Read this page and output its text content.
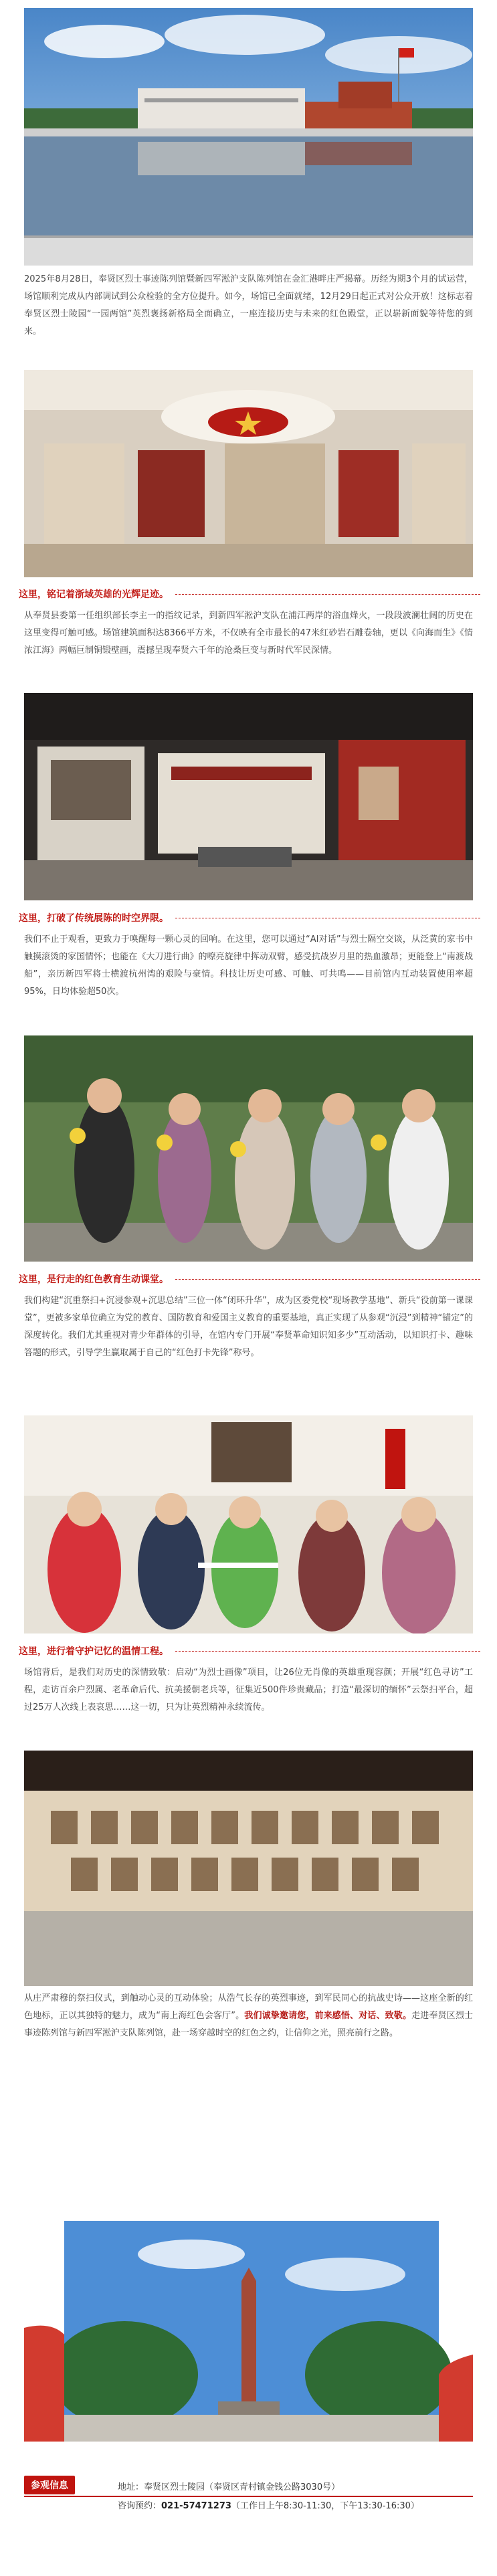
2025年8月28日，奉贤区烈士事迹陈列馆暨新四军淞沪支队陈列馆在金汇港畔庄严揭幕。历经为期3个月的试运营，场馆顺利完成从内部调试到公众检验的全方位提升。如今，场馆已全面就绪，12月29日起正式对公众开放！这标志着奉贤区烈士陵园“一园两馆”英烈褒扬新格局全面确立，一座连接历史与未来的红色殿堂，正以崭新面貌等待您的到来。

这里，铭记着浙域英雄的光辉足迹。

从奉贤县委第一任组织部长李主一的指纹记录，到新四军淞沪支队在浦江两岸的浴血烽火，一段段波澜壮阔的历史在这里变得可触可感。场馆建筑面积达8366平方米，不仅映有全市最长的47米红砂岩石雕卷轴，更以《向海而生》《情浓江海》两幅巨制铜锻壁画，震撼呈现奉贤六千年的沧桑巨变与新时代军民深情。

这里，打破了传统展陈的时空界限。

我们不止于观看，更致力于唤醒每一颗心灵的回响。在这里，您可以通过“AI对话”与烈士隔空交谈，从泛黄的家书中触摸滚烫的家国情怀；也能在《大刀进行曲》的嘹亮旋律中挥动双臂，感受抗战岁月里的热血激昂；更能登上“南渡战船”，亲历新四军将士横渡杭州湾的艰险与豪情。科技让历史可感、可触、可共鸣——目前馆内互动装置使用率超95%，日均体验超50次。

这里，是行走的红色教育生动课堂。

我们构建“沉重祭扫+沉浸参观+沉思总结”三位一体“闭环升华”，成为区委党校“现场教学基地”、新兵“役前第一课课堂”，更被多家单位确立为党的教育、国防教育和爱国主义教育的重要基地，真正实现了从参观“沉浸”到精神“锚定”的深度转化。我们尤其重视对青少年群体的引导，在馆内专门开展“奉贤革命知识知多少”互动活动，以知识打卡、趣味答题的形式，引导学生赢取属于自己的“红色打卡先锋”称号。

这里，进行着守护记忆的温情工程。

场馆背后，是我们对历史的深情致敬：启动“为烈士画像”项目，让26位无肖像的英雄重现容颜；开展“红色寻访”工程，走访百余户烈属、老革命后代、抗美援朝老兵等，征集近500件珍贵藏品；打造“最深切的缅怀”云祭扫平台，超过25万人次线上表哀思……这一切，只为让英烈精神永续流传。

从庄严肃穆的祭扫仪式，到触动心灵的互动体验；从浩气长存的英烈事迹，到军民同心的抗战史诗——这座全新的红色地标，正以其独特的魅力，成为“南上海红色会客厅”。我们诚挚邀请您，前来感悟、对话、致敬。走进奉贤区烈士事迹陈列馆与新四军淞沪支队陈列馆，赴一场穿越时空的红色之约，让信仰之光，照亮前行之路。

参观信息	地址：奉贤区烈士陵园（奉贤区青村镇金钱公路3030号）
咨询预约：021-57471273（工作日上午8:30-11:30，下午13:30-16:30）
